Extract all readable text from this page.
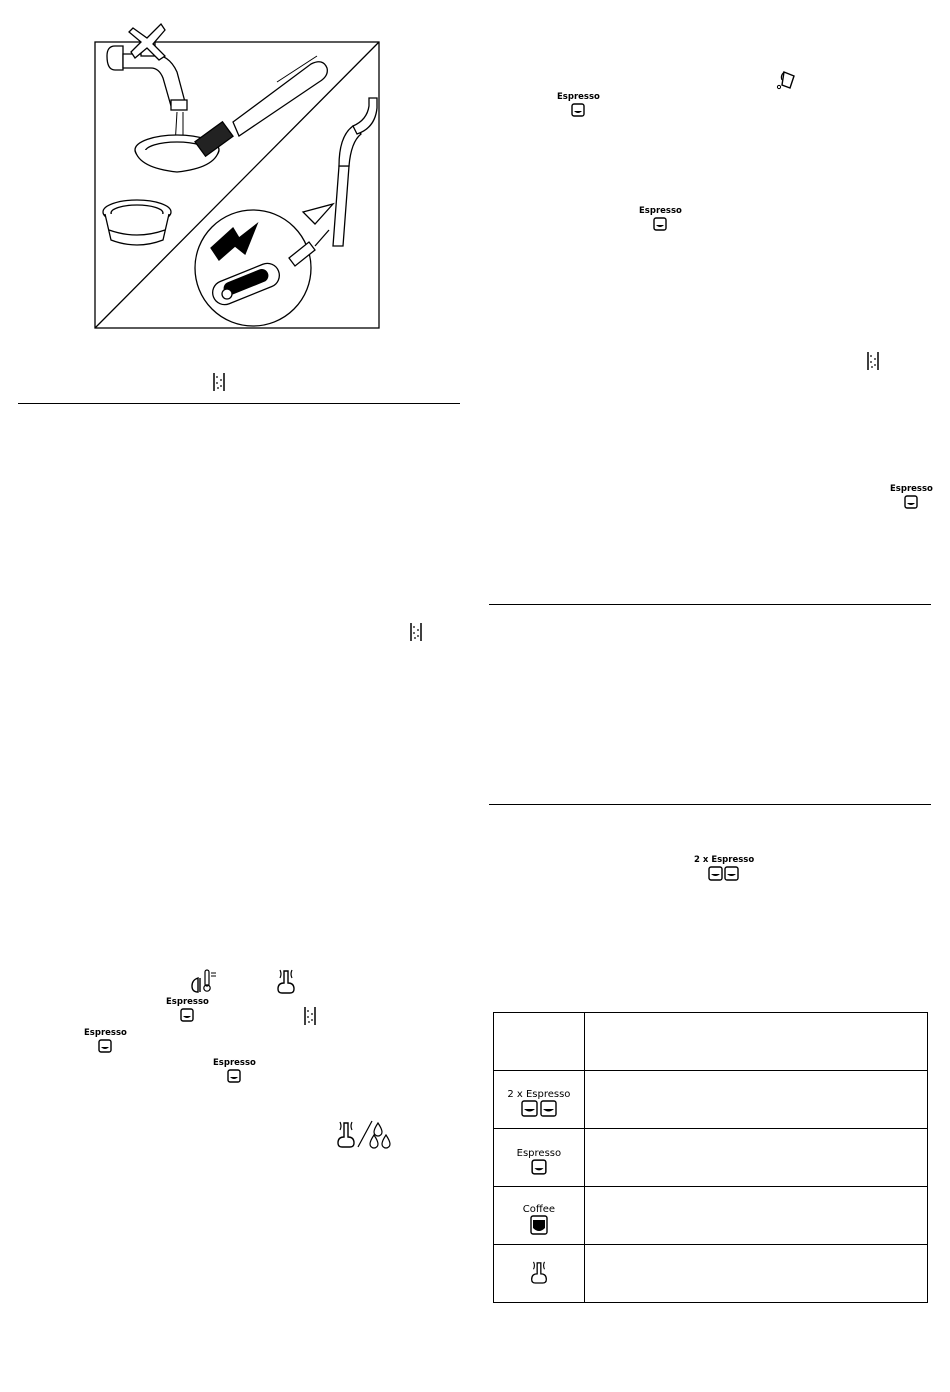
Espresso
Espresso
Espresso
Espresso
Espresso
Espresso
2 x Espresso

2 x Espresso	

Espresso	

Coffee	
